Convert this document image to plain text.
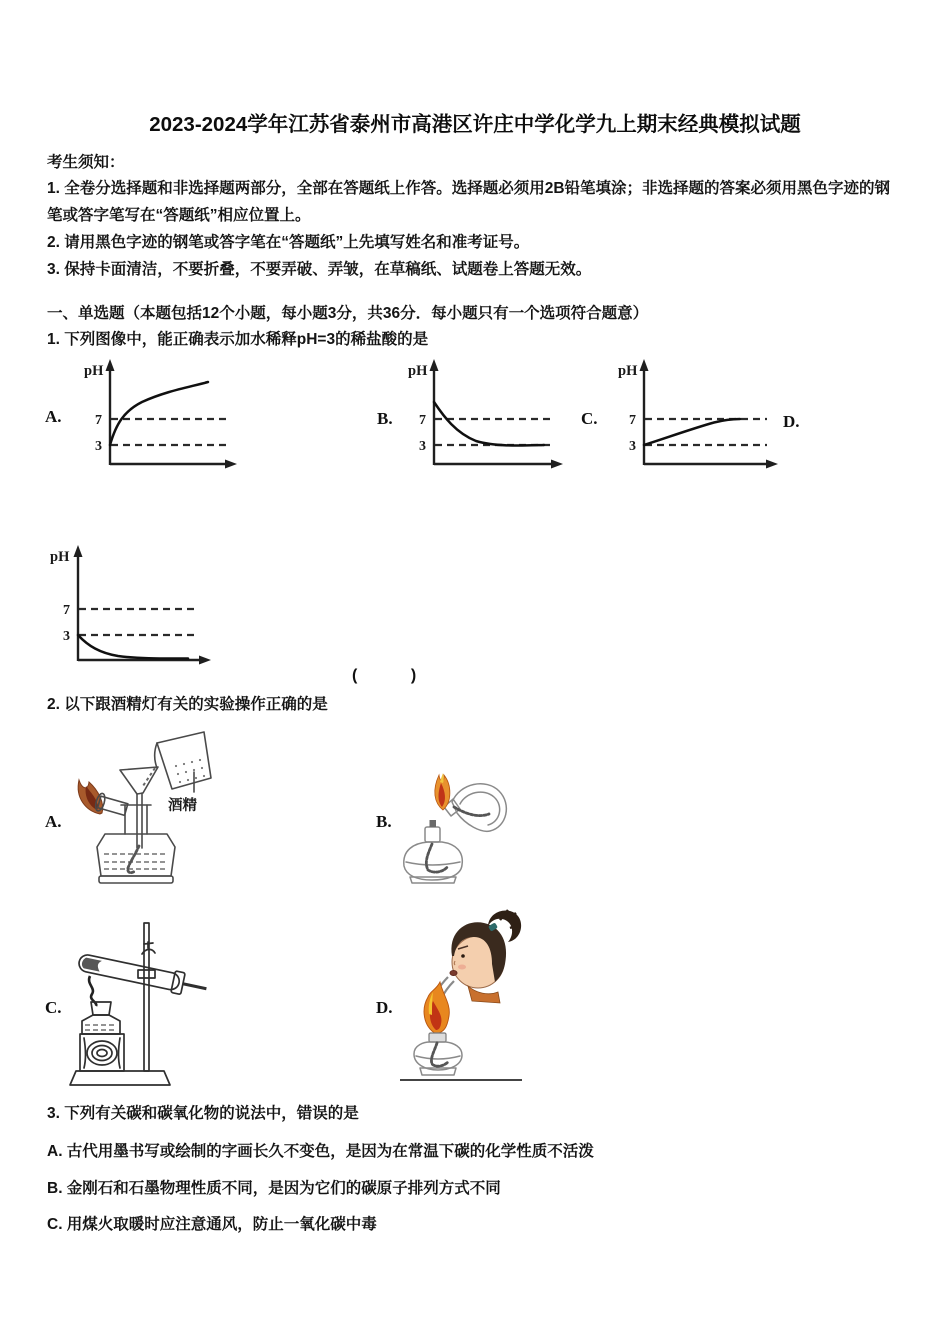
2023-2024学年江苏省泰州市高港区许庄中学化学九上期末经典模拟试题
考生须知：
1. 全卷分选择题和非选择题两部分，全部在答题纸上作答。选择题必须用2B铅笔填涂；非选择题的答案必须用黑色字迹的钢笔或答字笔写在“答题纸”相应位置上。
2. 请用黑色字迹的钢笔或答字笔在“答题纸”上先填写姓名和准考证号。
3. 保持卡面清洁，不要折叠，不要弄破、弄皱，在草稿纸、试题卷上答题无效。
一、单选题（本题包括12个小题，每小题3分，共36分．每小题只有一个选项符合题意）
1. 下列图像中，能正确表示加水稀释pH=3的稀盐酸的是
A.	B.	C.	D.
pH
7
3
pH
7
3
pH
7
3
pH
7
3
(        )
2. 以下跟酒精灯有关的实验操作正确的是
A.	B.
C.	D.
酒精
3. 下列有关碳和碳氧化物的说法中，错误的是
A. 古代用墨书写或绘制的字画长久不变色，是因为在常温下碳的化学性质不活泼
B. 金刚石和石墨物理性质不同，是因为它们的碳原子排列方式不同
C. 用煤火取暖时应注意通风，防止一氧化碳中毒
